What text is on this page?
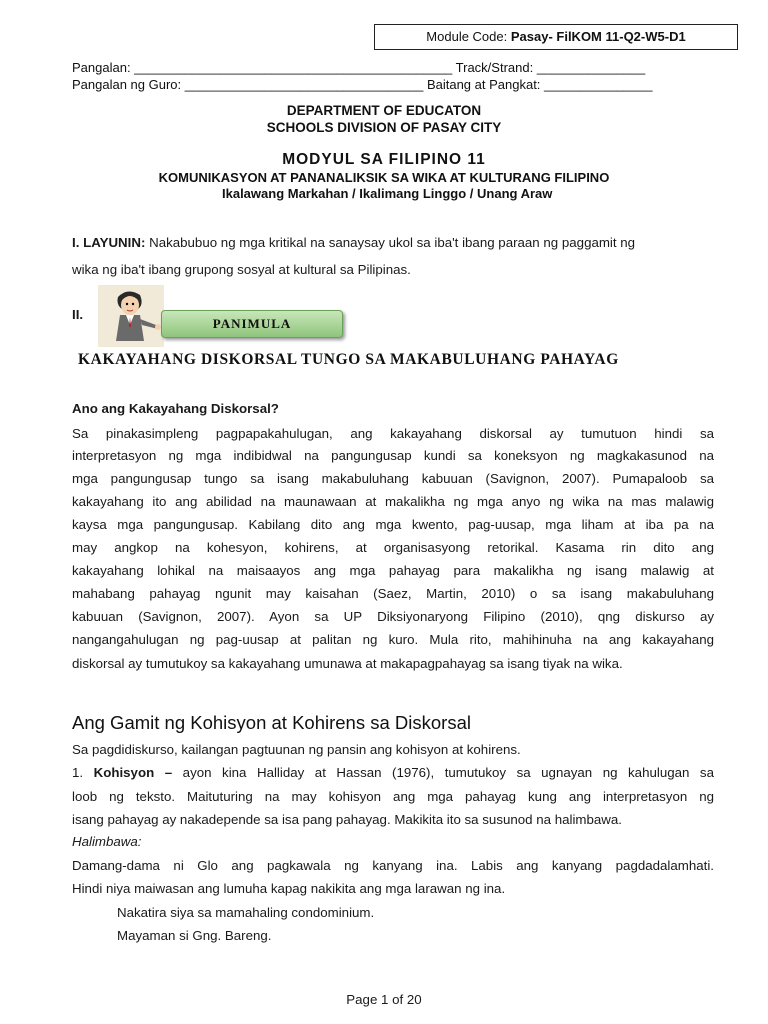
Module Code: Pasay- FilKOM 11-Q2-W5-D1
Pangalan: ____________________________________________ Track/Strand: _______________
Pangalan ng Guro: _________________________________ Baitang at Pangkat: _______________
DEPARTMENT OF EDUCATON
SCHOOLS DIVISION OF PASAY CITY
MODYUL SA FILIPINO 11
KOMUNIKASYON AT PANANALIKSIK SA WIKA AT KULTURANG FILIPINO
Ikalawang Markahan / Ikalimang Linggo / Unang Araw
I. LAYUNIN: Nakabubuo ng mga kritikal na sanaysay ukol sa iba't ibang paraan ng paggamit ng
wika ng iba't ibang grupong sosyal at kultural sa Pilipinas.
II.
PANIMULA
KAKAYAHANG DISKORSAL TUNGO SA MAKABULUHANG PAHAYAG
Ano ang Kakayahang Diskorsal?
Sa pinakasimpleng pagpapakahulugan, ang kakayahang diskorsal ay tumutuon hindi sa
interpretasyon ng mga indibidwal na pangungusap kundi sa koneksyon ng magkakasunod na
mga pangungusap tungo sa isang makabuluhang kabuuan (Savignon, 2007). Pumapaloob sa
kakayahang ito ang abilidad na maunawaan at makalikha ng mga anyo ng wika na mas malawig
kaysa mga pangungusap. Kabilang dito ang mga kwento, pag-uusap, mga liham at iba pa na
may angkop na kohesyon, kohirens, at organisasyong retorikal. Kasama rin dito ang
kakayahang lohikal na maisaayos ang mga pahayag para makalikha ng isang malawig at
mahabang pahayag ngunit may kaisahan (Saez, Martin, 2010) o sa isang makabuluhang
kabuuan (Savignon, 2007). Ayon sa UP Diksiyonaryong Filipino (2010), qng diskurso ay
nangangahulugan ng pag-uusap at palitan ng kuro. Mula rito, mahihinuha na ang kakayahang
diskorsal ay tumutukoy sa kakayahang umunawa at makapagpahayag sa isang tiyak na wika.
Ang Gamit ng Kohisyon at Kohirens sa Diskorsal
Sa pagdidiskurso, kailangan pagtuunan ng pansin ang kohisyon at kohirens.
1. Kohisyon – ayon kina Halliday at Hassan (1976), tumutukoy sa ugnayan ng kahulugan sa
loob ng teksto. Maituturing na may kohisyon ang mga pahayag kung ang interpretasyon ng
isang pahayag ay nakadepende sa isa pang pahayag. Makikita ito sa susunod na halimbawa.
Halimbawa:
Damang-dama ni Glo ang pagkawala ng kanyang ina. Labis ang kanyang pagdadalamhati.
Hindi niya maiwasan ang lumuha kapag nakikita ang mga larawan ng ina.
Nakatira siya sa mamahaling condominium.
Mayaman si Gng. Bareng.
Page 1 of 20
